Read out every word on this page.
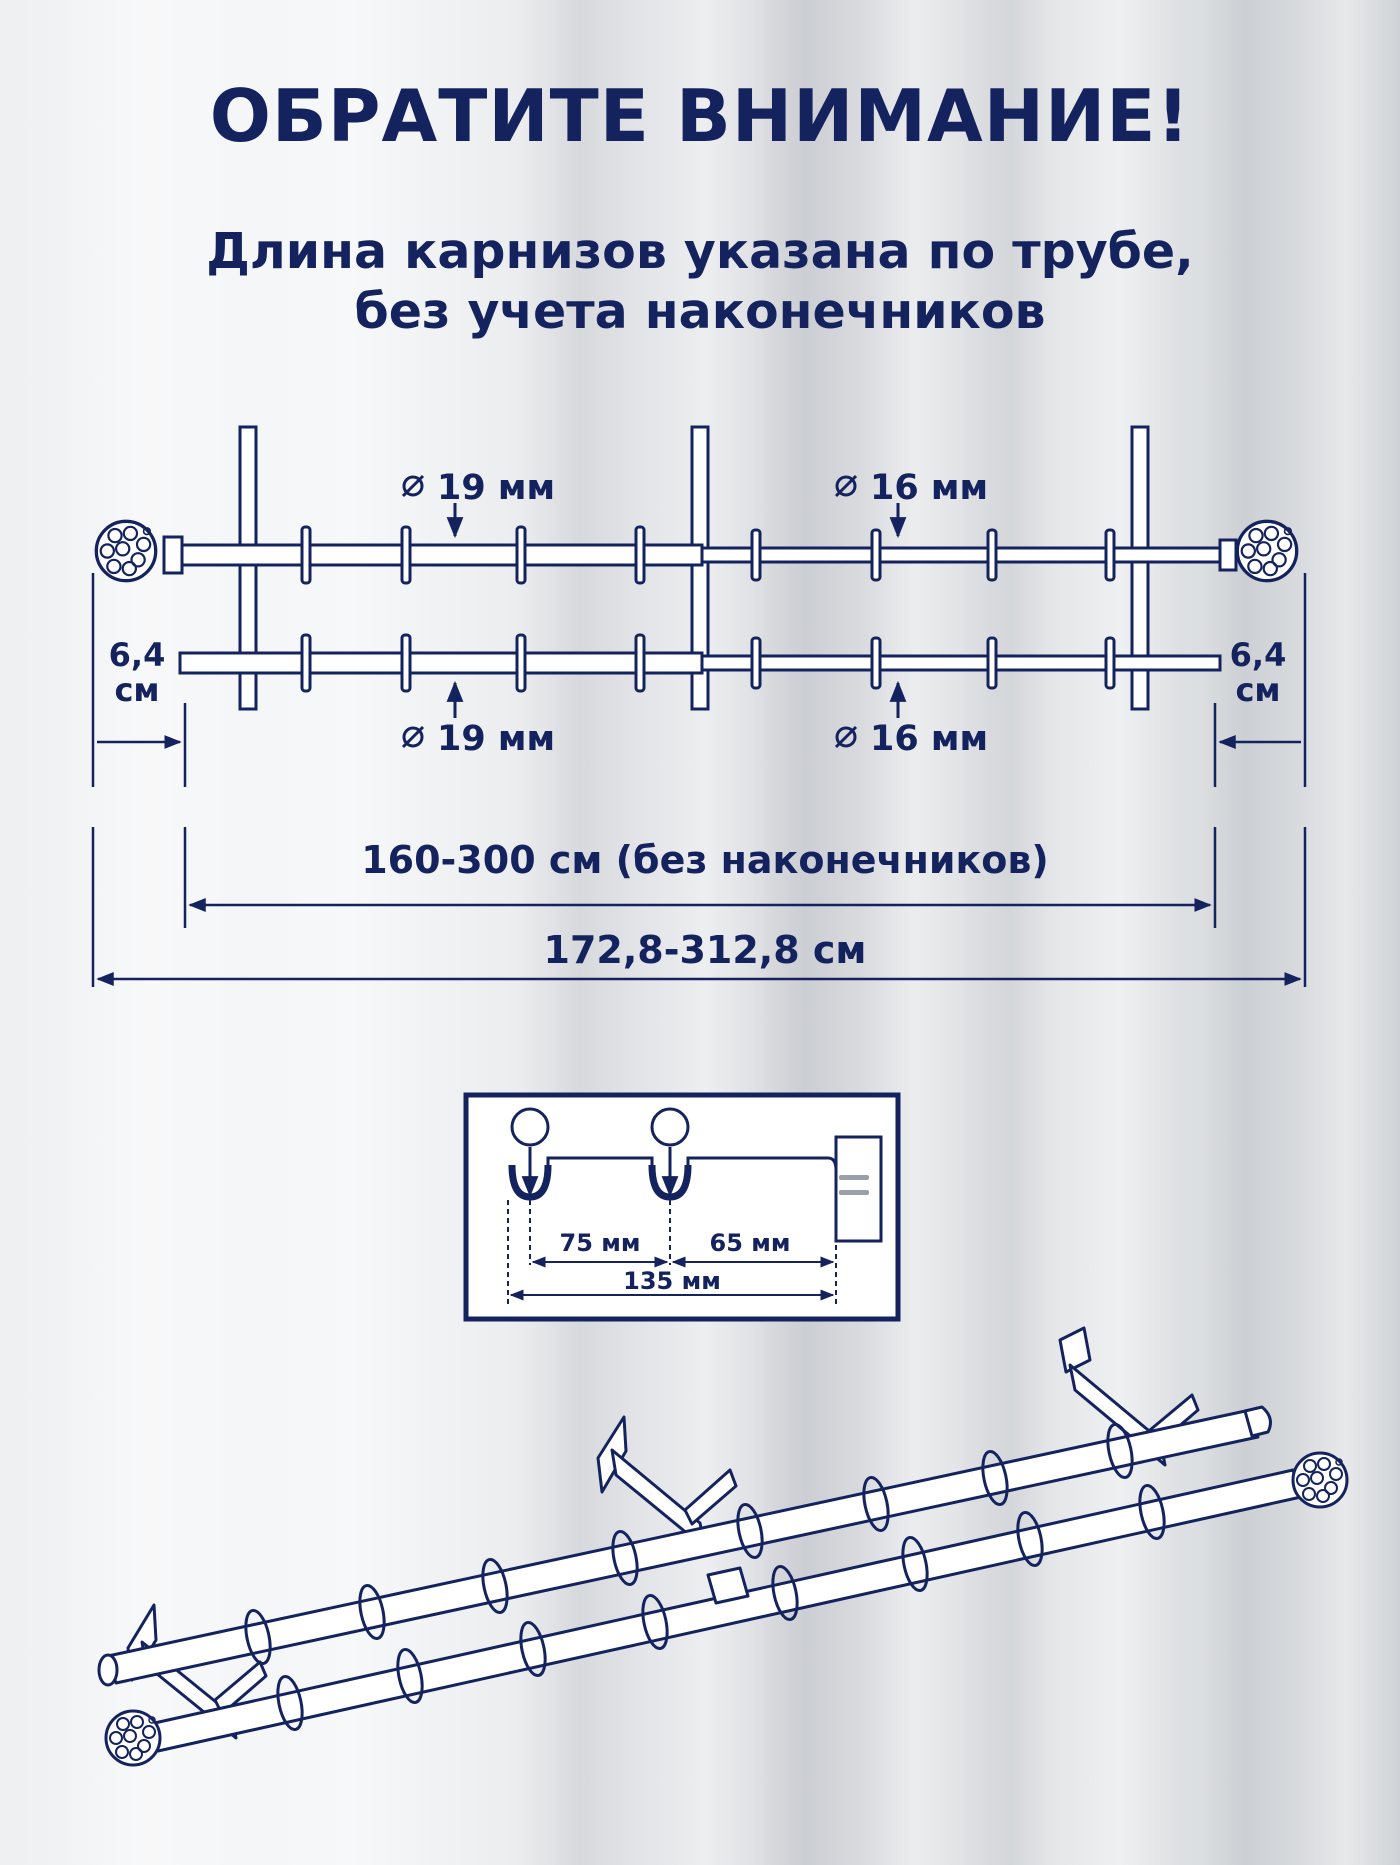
ОБРАТИТЕ ВНИМАНИЕ!

Длина карнизов указана по трубе,
без учета наконечников

19 мм	16 мм
19 мм	16 мм
6,4
см
6,4
см
160-300 см (без наконечников)
172,8-312,8 см
75 мм	65 мм
135 мм
